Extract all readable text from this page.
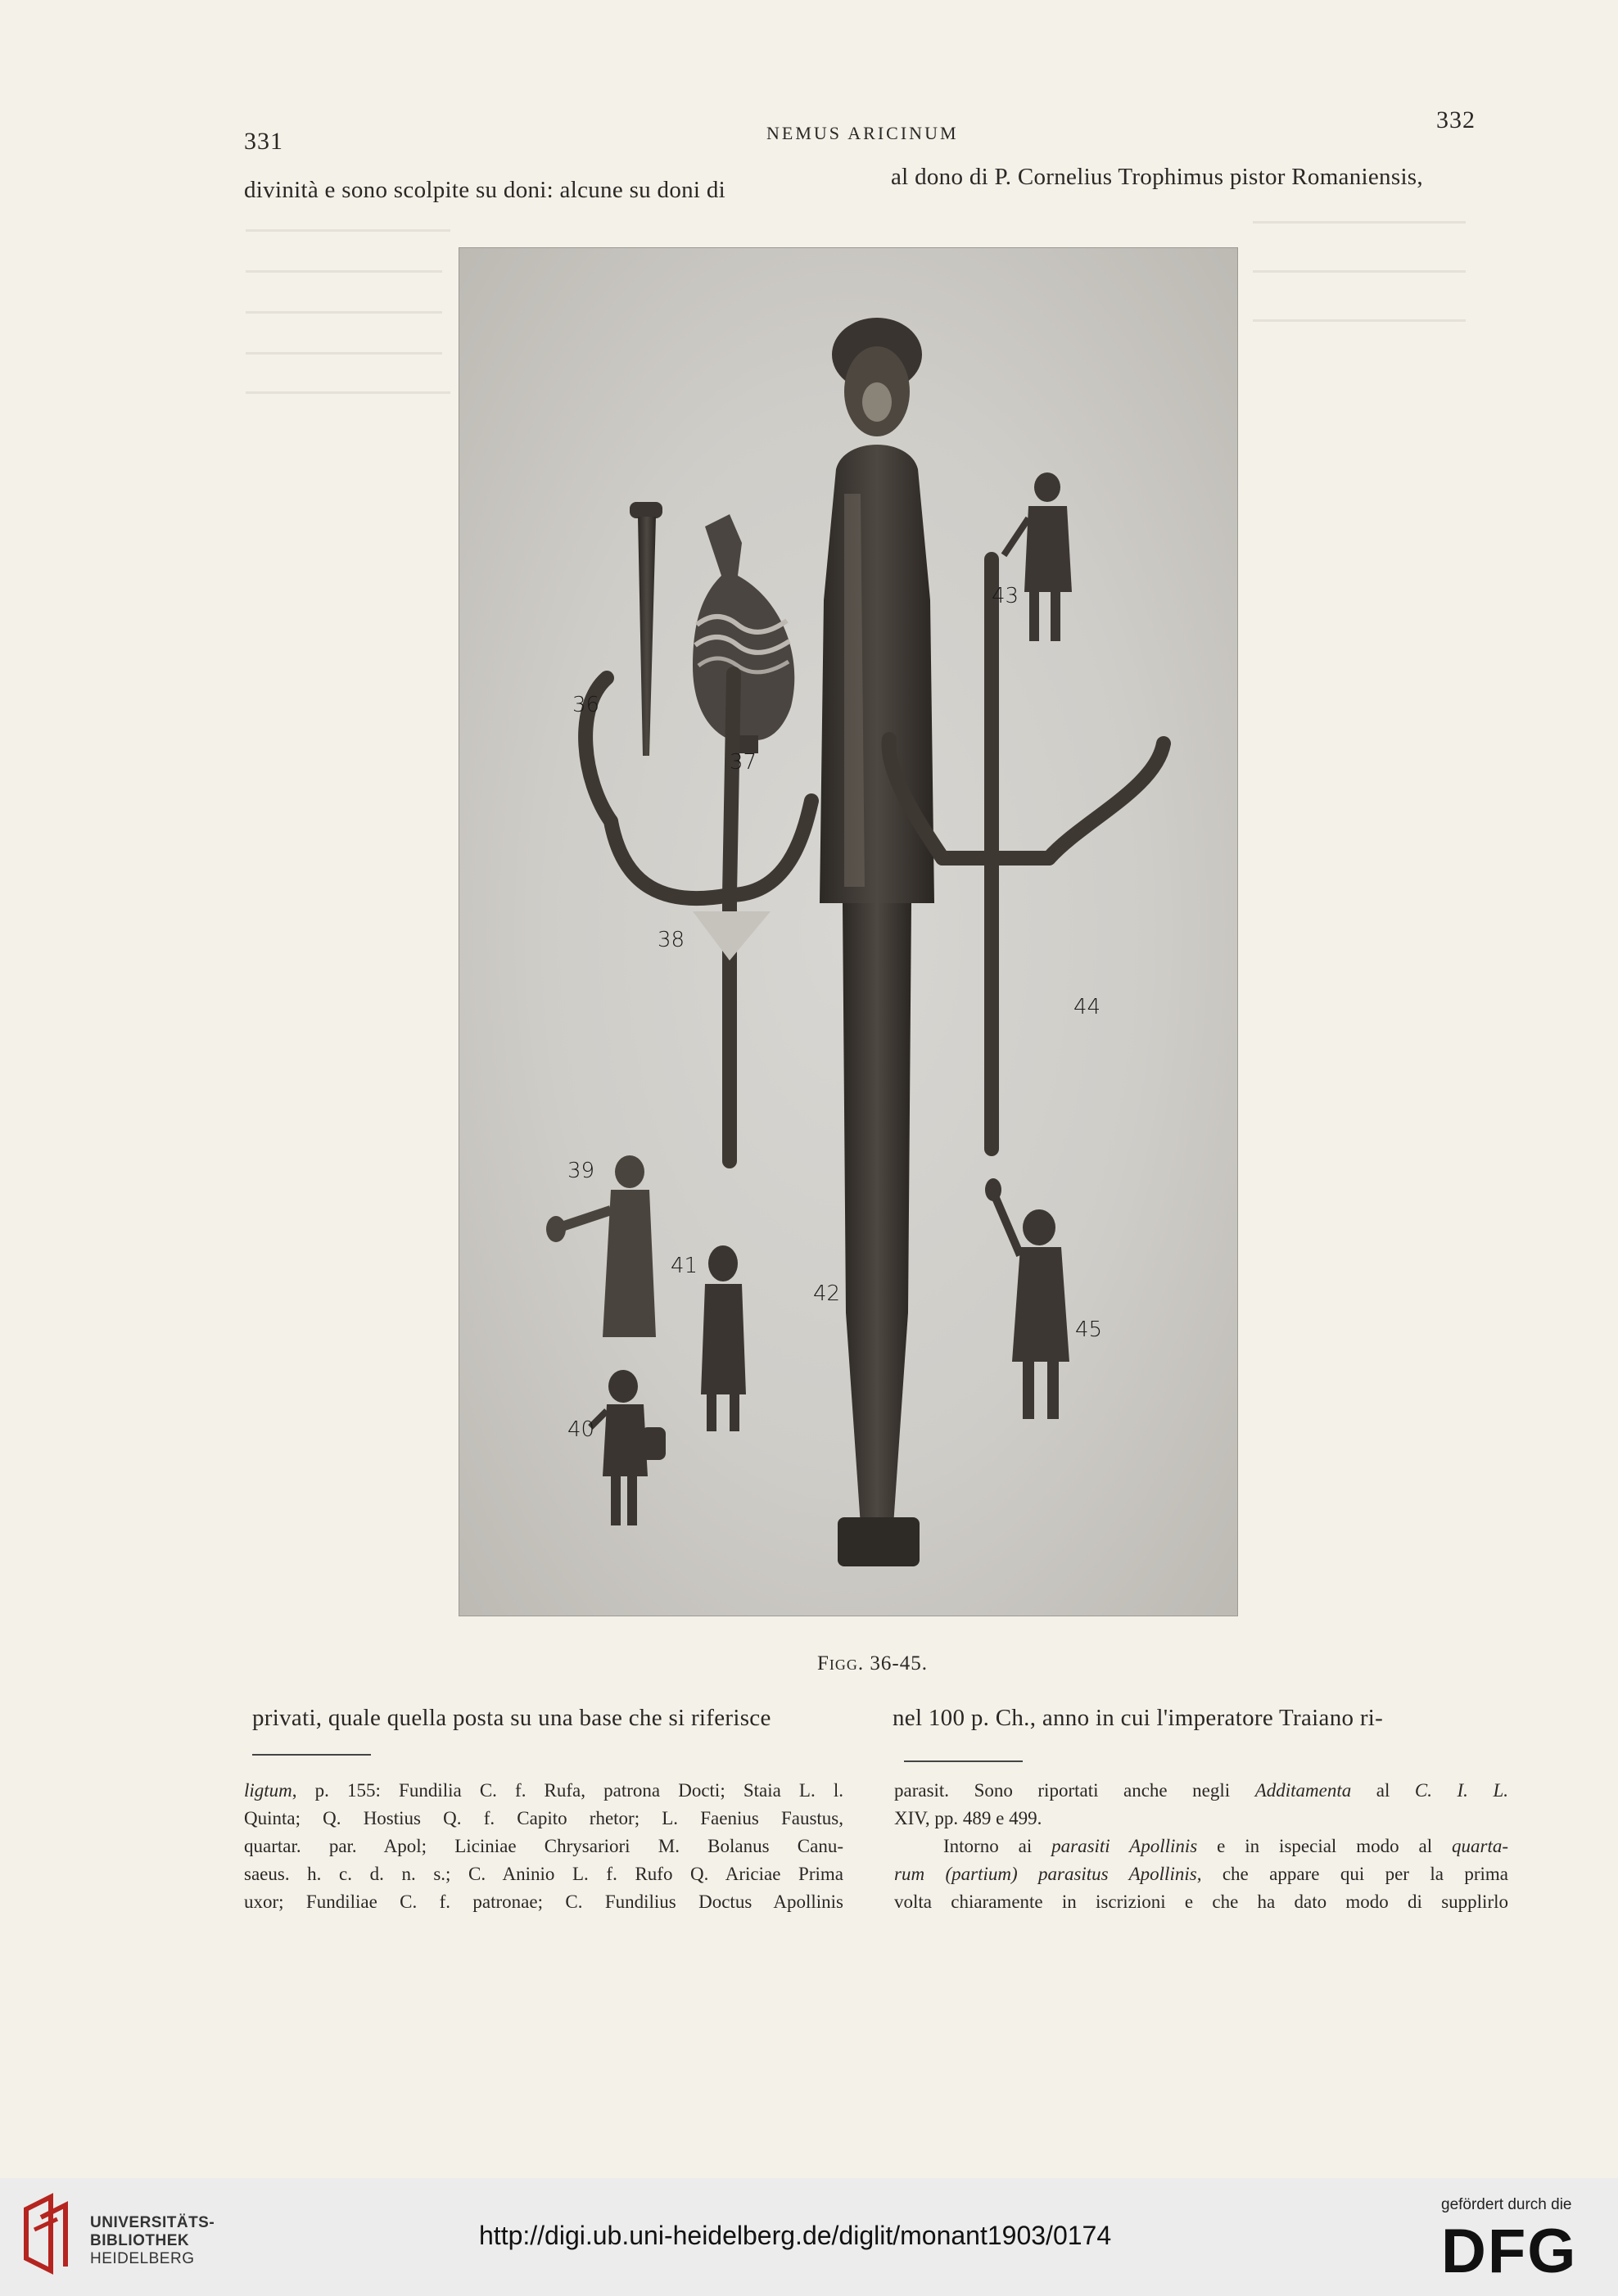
331	NEMUS ARICINUM	332
divinità e sono scolpite su doni: alcune su doni di	al dono di P. Cornelius Trophimus pistor Romaniensis,
36
37
38
39
40
41
42
43
44
45
Figg. 36-45.
privati, quale quella posta su una base che si riferisce	nel 100 p. Ch., anno in cui l'imperatore Traiano ri-

ligtum, p. 155: Fundilia C. f. Rufa, patrona Docti; Staia L. l.

Quinta; Q. Hostius Q. f. Capito rhetor; L. Faenius Faustus,

quartar. par. Apol; Liciniae Chrysariori M. Bolanus Canu-

saeus. h. c. d. n. s.; C. Aninio L. f. Rufo Q. Ariciae Prima

uxor; Fundiliae C. f. patronae; C. Fundilius Doctus Apollinis

parasit. Sono riportati anche negli Additamenta al C. I. L.

XIV, pp. 489 e 499.

Intorno ai parasiti Apollinis e in ispecial modo al quarta-

rum (partium) parasitus Apollinis, che appare qui per la prima

volta chiaramente in iscrizioni e che ha dato modo di supplirlo

UNIVERSITÄTS-
BIBLIOTHEK
HEIDELBERG
http://digi.ub.uni-heidelberg.de/diglit/monant1903/0174
gefördert durch die
DFG
